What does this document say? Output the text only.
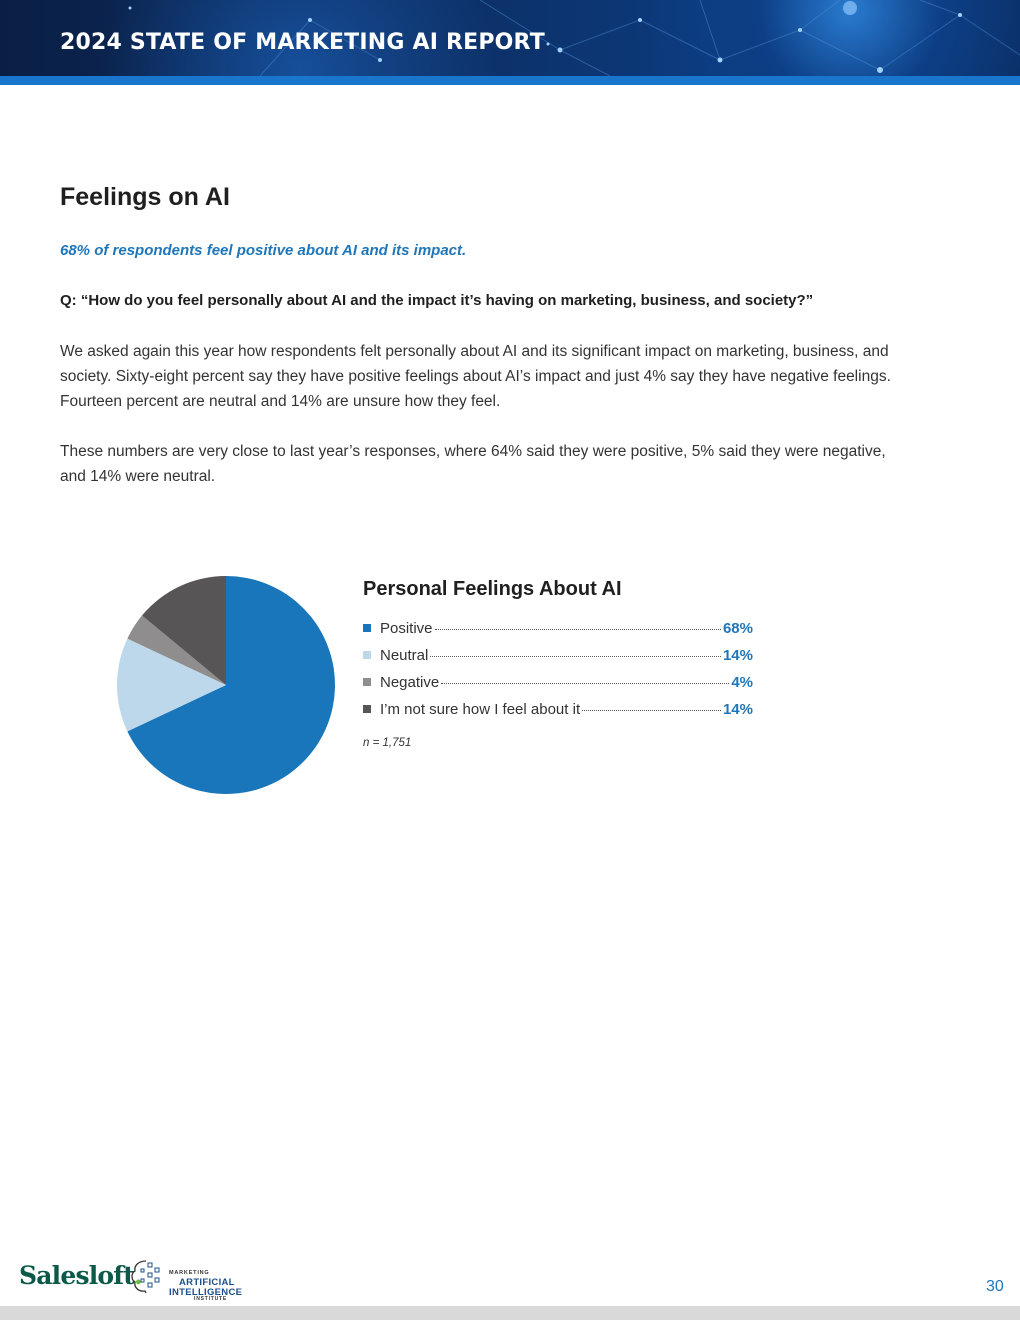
2024 STATE OF MARKETING AI REPORT
Feelings on AI
68% of respondents feel positive about AI and its impact.
Q: “How do you feel personally about AI and the impact it’s having on marketing, business, and society?”
We asked again this year how respondents felt personally about AI and its significant impact on marketing, business, and society. Sixty-eight percent say they have positive feelings about AI’s impact and just 4% say they have negative feelings. Fourteen percent are neutral and 14% are unsure how they feel.
These numbers are very close to last year’s responses, where 64% said they were positive, 5% said they were negative, and 14% were neutral.
Personal Feelings About AI
Positive	68%
Neutral	14%
Negative	4%
I’m not sure how I feel about it	14%
n = 1,751
Salesloft.	MARKETING
ARTIFICIAL
INTELLIGENCE
INSTITUTE
30
